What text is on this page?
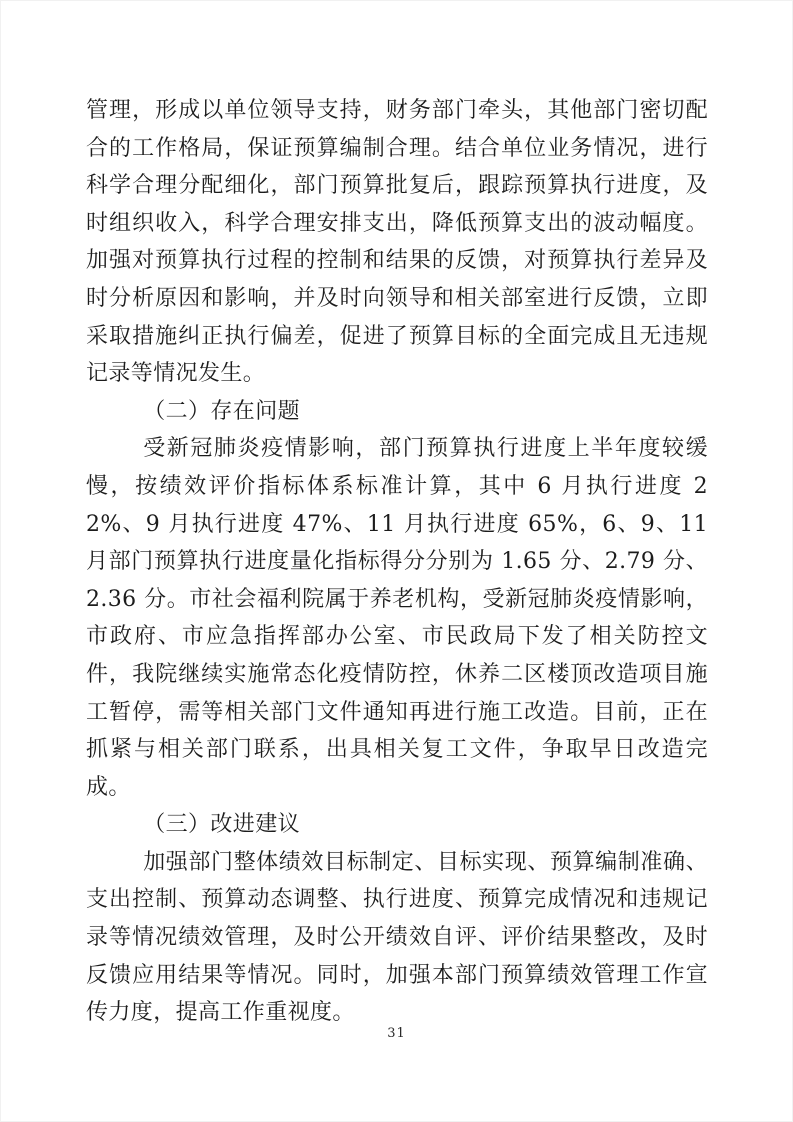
管理，形成以单位领导支持，财务部门牵头，其他部门密切配合的工作格局，保证预算编制合理。结合单位业务情况，进行科学合理分配细化，部门预算批复后，跟踪预算执行进度，及时组织收入，科学合理安排支出，降低预算支出的波动幅度。加强对预算执行过程的控制和结果的反馈，对预算执行差异及时分析原因和影响，并及时向领导和相关部室进行反馈，立即采取措施纠正执行偏差，促进了预算目标的全面完成且无违规记录等情况发生。

（二）存在问题

受新冠肺炎疫情影响，部门预算执行进度上半年度较缓慢，按绩效评价指标体系标准计算，其中 6 月执行进度 22%、9 月执行进度 47%、11 月执行进度 65%，6、9、11 月部门预算执行进度量化指标得分分别为 1.65 分、2.79 分、2.36 分。市社会福利院属于养老机构，受新冠肺炎疫情影响，市政府、市应急指挥部办公室、市民政局下发了相关防控文件，我院继续实施常态化疫情防控，休养二区楼顶改造项目施工暂停，需等相关部门文件通知再进行施工改造。目前，正在抓紧与相关部门联系，出具相关复工文件，争取早日改造完成。

（三）改进建议

加强部门整体绩效目标制定、目标实现、预算编制准确、支出控制、预算动态调整、执行进度、预算完成情况和违规记录等情况绩效管理，及时公开绩效自评、评价结果整改，及时反馈应用结果等情况。同时，加强本部门预算绩效管理工作宣传力度，提高工作重视度。

31
